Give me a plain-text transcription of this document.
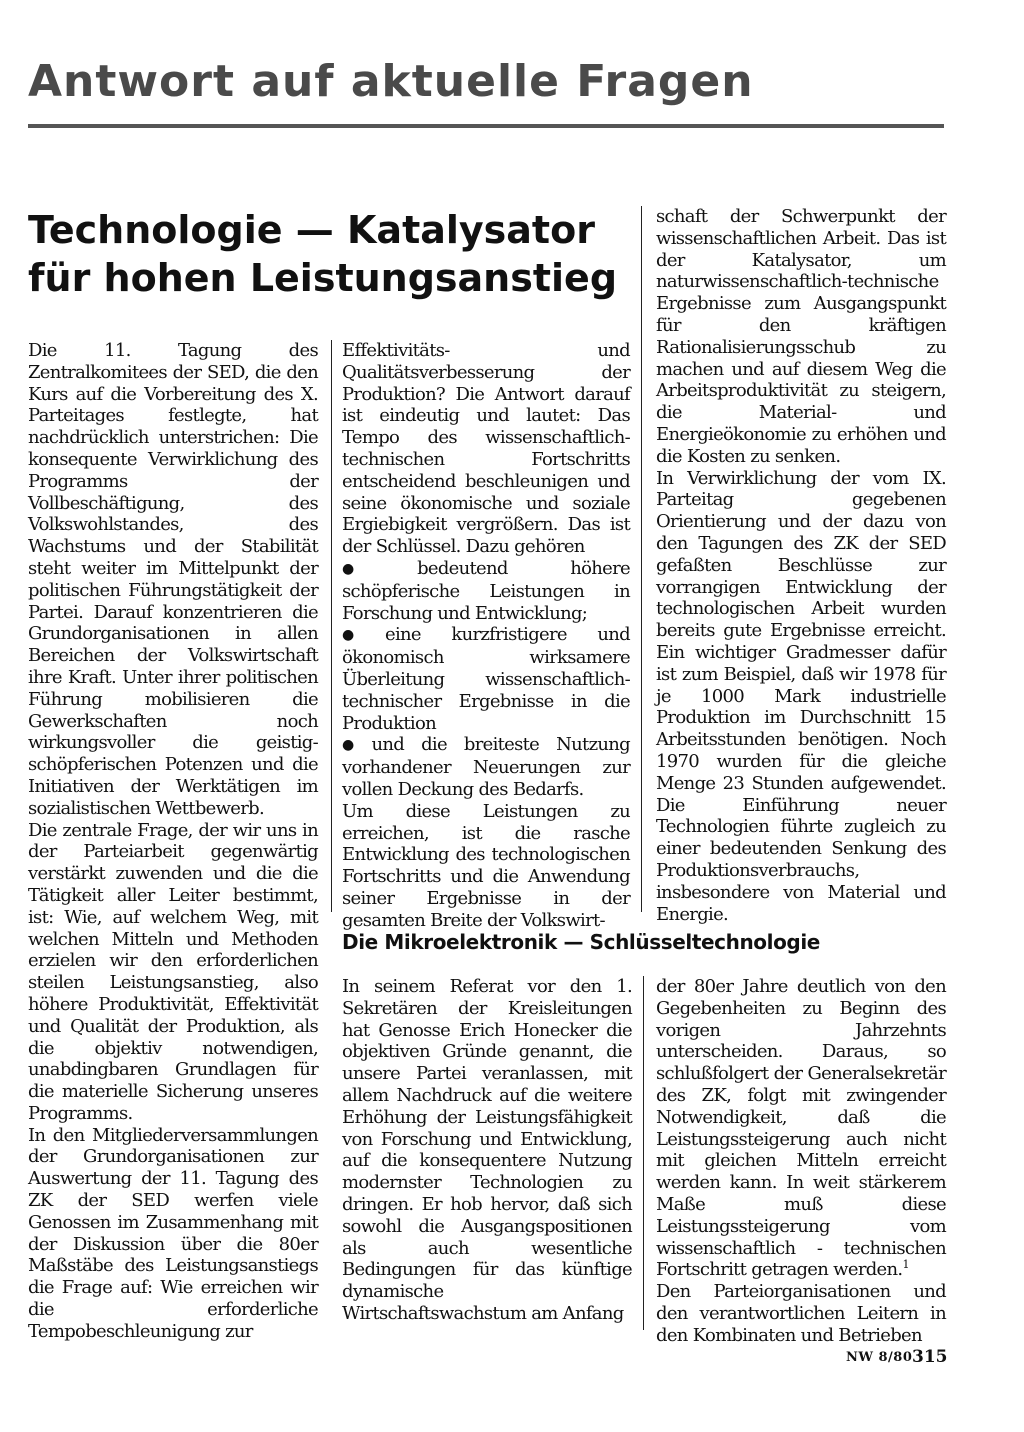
Antwort auf aktuelle Fragen
Technologie — Katalysator für hohen Leistungsanstieg

Die 11. Tagung des Zentralkomitees der SED, die den Kurs auf die Vorbereitung des X. Parteitages festlegte, hat nachdrücklich unterstrichen: Die konsequente Verwirklichung des Programms der Vollbeschäftigung, des Volkswohlstandes, des Wachstums und der Stabilität steht weiter im Mittelpunkt der politischen Führungstätigkeit der Partei. Darauf konzentrieren die Grundorganisationen in allen Bereichen der Volkswirtschaft ihre Kraft. Unter ihrer politischen Führung mobilisieren die Gewerkschaften noch wirkungsvoller die geistig-schöpferischen Potenzen und die Initiativen der Werktätigen im sozialistischen Wettbewerb.

Die zentrale Frage, der wir uns in der Parteiarbeit gegenwärtig verstärkt zuwenden und die die Tätigkeit aller Leiter bestimmt, ist: Wie, auf welchem Weg, mit welchen Mitteln und Methoden erzielen wir den erforderlichen steilen Leistungsanstieg, also höhere Produktivität, Effektivität und Qualität der Produktion, als die objektiv notwendigen, unabdingbaren Grundlagen für die materielle Sicherung unseres Programms.

In den Mitgliederversammlungen der Grundorganisationen zur Auswertung der 11. Tagung des ZK der SED werfen viele Genossen im Zusammenhang mit der Diskussion über die 80er Maßstäbe des Leistungsanstiegs die Frage auf: Wie erreichen wir die erforderliche Tempobeschleunigung zur

Effektivitäts- und Qualitätsverbesserung der Produktion? Die Antwort darauf ist eindeutig und lautet: Das Tempo des wissenschaftlich-technischen Fortschritts entscheidend beschleunigen und seine ökonomische und soziale Ergiebigkeit vergrößern. Das ist der Schlüssel. Dazu gehören

● bedeutend höhere schöpferische Leistungen in Forschung und Entwicklung;
● eine kurzfristigere und ökonomisch wirksamere Überleitung wissenschaftlich-technischer Ergebnisse in die Produktion
● und die breiteste Nutzung vorhandener Neuerungen zur vollen Deckung des Bedarfs.

Um diese Leistungen zu erreichen, ist die rasche Entwicklung des technologischen Fortschritts und die Anwendung seiner Ergebnisse in der gesamten Breite der Volkswirt-

schaft der Schwerpunkt der wissenschaftlichen Arbeit. Das ist der Katalysator, um naturwissenschaftlich-technische Ergebnisse zum Ausgangspunkt für den kräftigen Rationalisierungsschub zu machen und auf diesem Weg die Arbeitsproduktivität zu steigern, die Material- und Energieökonomie zu erhöhen und die Kosten zu senken.

In Verwirklichung der vom IX. Parteitag gegebenen Orientierung und der dazu von den Tagungen des ZK der SED gefaßten Beschlüsse zur vorrangigen Entwicklung der technologischen Arbeit wurden bereits gute Ergebnisse erreicht. Ein wichtiger Gradmesser dafür ist zum Beispiel, daß wir 1978 für je 1000 Mark industrielle Produktion im Durchschnitt 15 Arbeitsstunden benötigen. Noch 1970 wurden für die gleiche Menge 23 Stunden aufgewendet. Die Einführung neuer Technologien führte zugleich zu einer bedeutenden Senkung des Produktionsverbrauchs, insbesondere von Material und Energie.

Die Mikroelektronik — Schlüsseltechnologie

In seinem Referat vor den 1. Sekretären der Kreisleitungen hat Genosse Erich Honecker die objektiven Gründe genannt, die unsere Partei veranlassen, mit allem Nachdruck auf die weitere Erhöhung der Leistungsfähigkeit von Forschung und Entwicklung, auf die konsequentere Nutzung modernster Technologien zu dringen. Er hob hervor, daß sich sowohl die Ausgangspositionen als auch wesentliche Bedingungen für das künftige dynamische Wirtschaftswachstum am Anfang

der 80er Jahre deutlich von den Gegebenheiten zu Beginn des vorigen Jahrzehnts unterscheiden. Daraus, so schlußfolgert der Generalsekretär des ZK, folgt mit zwingender Notwendigkeit, daß die Leistungssteigerung auch nicht mit gleichen Mitteln erreicht werden kann. In weit stärkerem Maße muß diese Leistungssteigerung vom wissenschaftlich - technischen Fortschritt getragen werden.$^1$

Den Parteiorganisationen und den verantwortlichen Leitern in den Kombinaten und Betrieben

NW 8/80 315
